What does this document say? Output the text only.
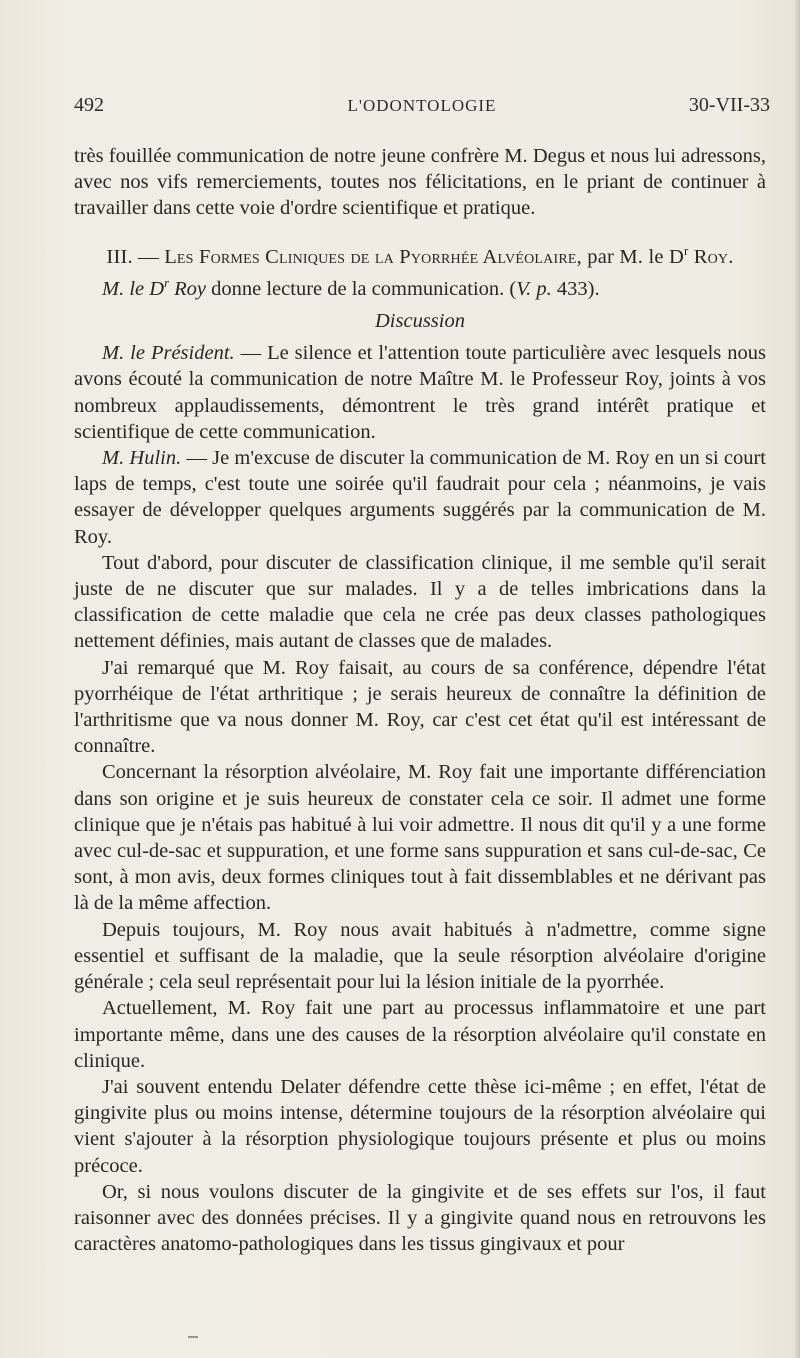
492	L'ODONTOLOGIE	30-VII-33

très fouillée communication de notre jeune confrère M. Degus et nous lui adressons, avec nos vifs remerciements, toutes nos félicitations, en le priant de continuer à travailler dans cette voie d'ordre scientifique et pratique.

III. — Les Formes Cliniques de la Pyorrhée Alvéolaire, par M. le $D^r$ Roy.

M. le $D^r$ Roy donne lecture de la communication. (V. p. 433).

Discussion

M. le Président. — Le silence et l'attention toute particulière avec lesquels nous avons écouté la communication de notre Maître M. le Professeur Roy, joints à vos nombreux applaudissements, démontrent le très grand intérêt pratique et scientifique de cette communication.

M. Hulin. — Je m'excuse de discuter la communication de M. Roy en un si court laps de temps, c'est toute une soirée qu'il faudrait pour cela ; néanmoins, je vais essayer de développer quelques arguments suggérés par la communication de M. Roy.

Tout d'abord, pour discuter de classification clinique, il me semble qu'il serait juste de ne discuter que sur malades. Il y a de telles imbrications dans la classification de cette maladie que cela ne crée pas deux classes pathologiques nettement définies, mais autant de classes que de malades.

J'ai remarqué que M. Roy faisait, au cours de sa conférence, dépendre l'état pyorrhéique de l'état arthritique ; je serais heureux de connaître la définition de l'arthritisme que va nous donner M. Roy, car c'est cet état qu'il est intéressant de connaître.

Concernant la résorption alvéolaire, M. Roy fait une importante différenciation dans son origine et je suis heureux de constater cela ce soir. Il admet une forme clinique que je n'étais pas habitué à lui voir admettre. Il nous dit qu'il y a une forme avec cul-de-sac et suppuration, et une forme sans suppuration et sans cul-de-sac, Ce sont, à mon avis, deux formes cliniques tout à fait dissemblables et ne dérivant pas là de la même affection.

Depuis toujours, M. Roy nous avait habitués à n'admettre, comme signe essentiel et suffisant de la maladie, que la seule résorption alvéolaire d'origine générale ; cela seul représentait pour lui la lésion initiale de la pyorrhée.

Actuellement, M. Roy fait une part au processus inflammatoire et une part importante même, dans une des causes de la résorption alvéolaire qu'il constate en clinique.

J'ai souvent entendu Delater défendre cette thèse ici-même ; en effet, l'état de gingivite plus ou moins intense, détermine toujours de la résorption alvéolaire qui vient s'ajouter à la résorption physiologique toujours présente et plus ou moins précoce.

Or, si nous voulons discuter de la gingivite et de ses effets sur l'os, il faut raisonner avec des données précises. Il y a gingivite quand nous en retrouvons les caractères anatomo-pathologiques dans les tissus gingivaux et pour
